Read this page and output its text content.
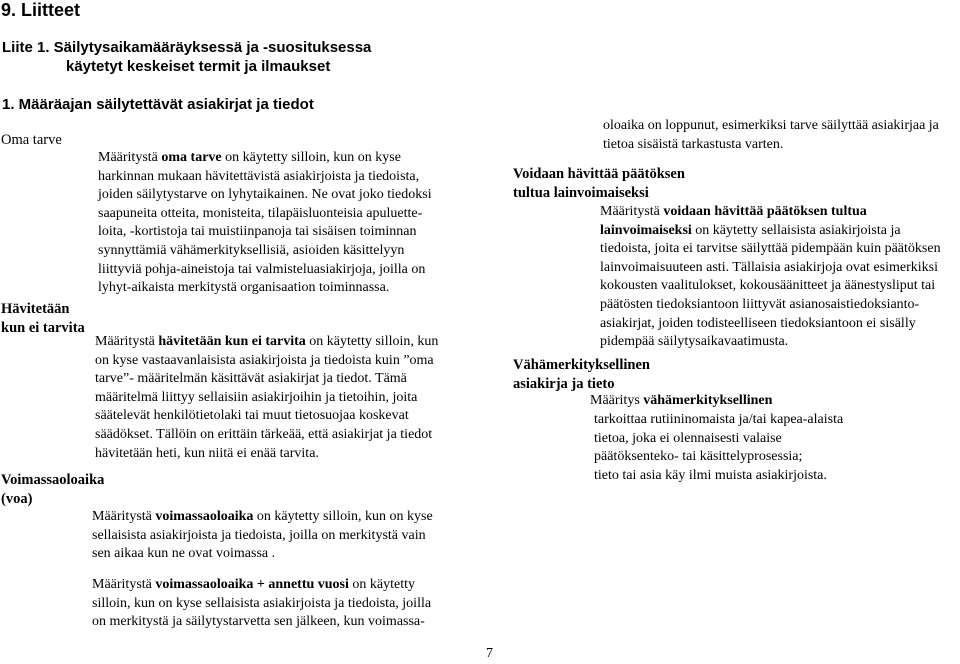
9. Liitteet
Liite 1. Säilytysaikamääräyksessä ja -suosituksessa
käytetyt keskeiset termit ja ilmaukset
1. Määräajan säilytettävät asiakirjat ja tiedot
Oma tarve
Määritystä oma tarve on käytetty silloin, kun on kyse
harkinnan mukaan hävitettävistä asiakirjoista ja tiedoista,
joiden säilytystarve on lyhytaikainen. Ne ovat joko tiedoksi
saapuneita otteita, monisteita, tilapäisluonteisia apuluette-
loita, -kortistoja tai muistiinpanoja tai sisäisen toiminnan
synnyttämiä vähämerkityksellisiä, asioiden käsittelyyn
liittyviä pohja-aineistoja tai valmisteluasiakirjoja, joilla on
lyhyt-aikaista merkitystä organisaation toiminnassa.
Hävitetään
kun ei tarvita
Määritystä hävitetään kun ei tarvita on käytetty silloin, kun
on kyse vastaavanlaisista asiakirjoista ja tiedoista kuin ”oma
tarve”- määritelmän käsittävät asiakirjat ja tiedot. Tämä
määritelmä liittyy sellaisiin asiakirjoihin ja tietoihin, joita
säätelevät henkilötietolaki tai muut tietosuojaa koskevat
säädökset. Tällöin on erittäin tärkeää, että asiakirjat ja tiedot
hävitetään heti, kun niitä ei enää tarvita.
Voimassaoloaika
(voa)
Määritystä voimassaoloaika on käytetty silloin, kun on kyse
sellaisista asiakirjoista ja tiedoista, joilla on merkitystä vain
sen aikaa kun ne ovat voimassa .
Määritystä voimassaoloaika + annettu vuosi on käytetty
silloin, kun on kyse sellaisista asiakirjoista ja tiedoista, joilla
on merkitystä ja säilytystarvetta sen jälkeen, kun voimassa-
oloaika on loppunut, esimerkiksi tarve säilyttää asiakirjaa ja
tietoa sisäistä tarkastusta varten.
Voidaan hävittää päätöksen
tultua lainvoimaiseksi
Määritystä voidaan hävittää päätöksen tultua
lainvoimaiseksi on käytetty sellaisista asiakirjoista ja
tiedoista, joita ei tarvitse säilyttää pidempään kuin päätöksen
lainvoimaisuuteen asti. Tällaisia asiakirjoja ovat esimerkiksi
kokousten vaalitulokset, kokousäänitteet ja äänestysliput tai
päätösten tiedoksiantoon liittyvät asianosaistiedoksianto-
asiakirjat, joiden todisteelliseen tiedoksiantoon ei sisälly
pidempää säilytysaikavaatimusta.
Vähämerkityksellinen
asiakirja ja tieto
Määritys vähämerkityksellinen
tarkoittaa rutiininomaista ja/tai kapea-alaista
tietoa, joka ei olennaisesti valaise
päätöksenteko- tai käsittelyprosessia;
tieto tai asia käy ilmi muista asiakirjoista.
7
